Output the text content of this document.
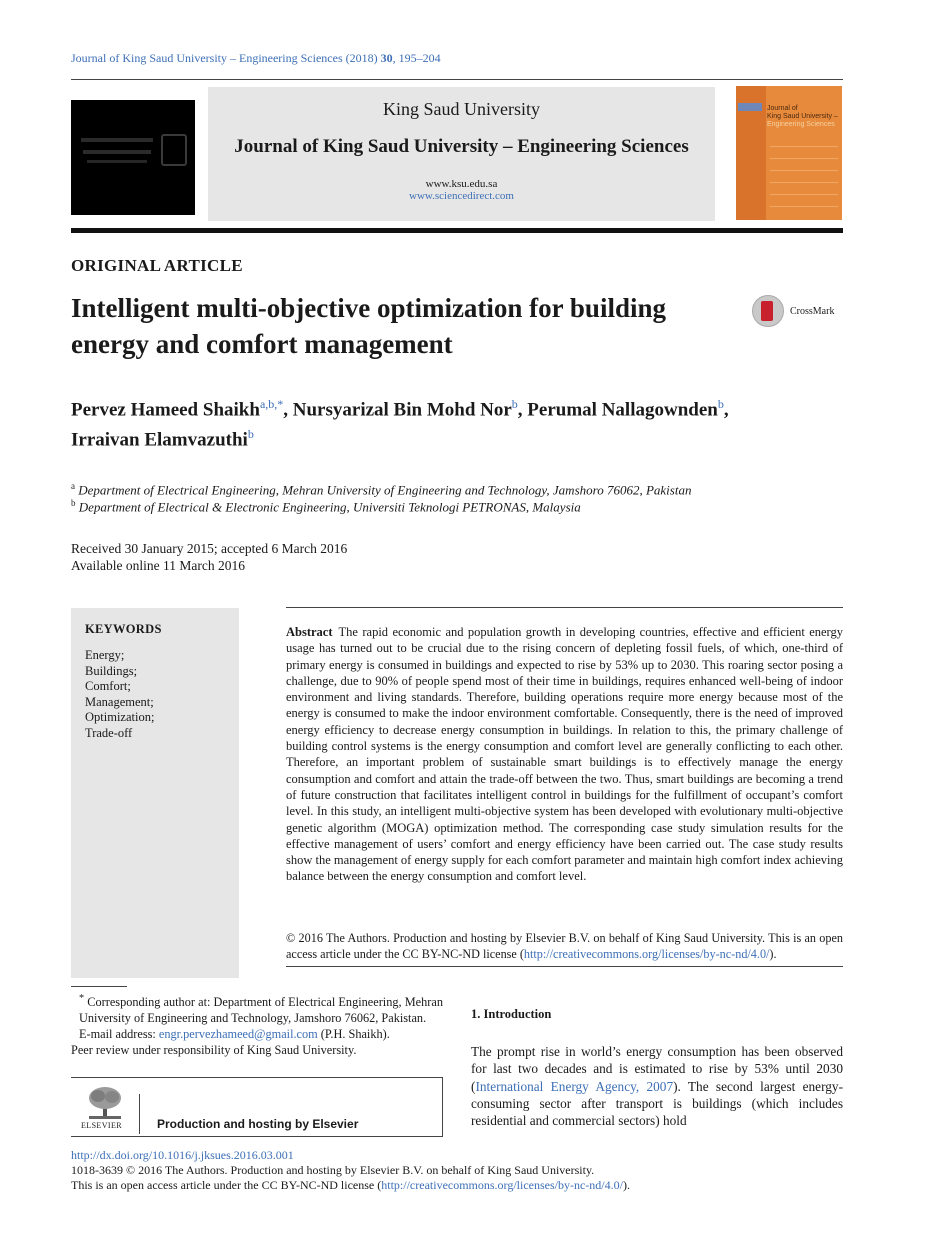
Journal of King Saud University – Engineering Sciences (2018) 30, 195–204
King Saud University
Journal of King Saud University – Engineering Sciences
www.ksu.edu.sa
www.sciencedirect.com
Journal of
King Saud University –
Engineering Sciences
ORIGINAL ARTICLE
Intelligent multi-objective optimization for building energy and comfort management
CrossMark
Pervez Hameed Shaikh$^{a,b,*}$, Nursyarizal Bin Mohd Nor$^b$, Perumal Nallagownden$^b$,
Irraivan Elamvazuthi$^b$
$^a$ Department of Electrical Engineering, Mehran University of Engineering and Technology, Jamshoro 76062, Pakistan
$^b$ Department of Electrical & Electronic Engineering, Universiti Teknologi PETRONAS, Malaysia
Received 30 January 2015; accepted 6 March 2016
Available online 11 March 2016
KEYWORDS
Energy;
Buildings;
Comfort;
Management;
Optimization;
Trade-off
Abstract The rapid economic and population growth in developing countries, effective and efficient energy usage has turned out to be crucial due to the rising concern of depleting fossil fuels, of which, one-third of primary energy is consumed in buildings and expected to rise by 53% up to 2030. This roaring sector posing a challenge, due to 90% of people spend most of their time in buildings, requires enhanced well-being of indoor environment and living standards. Therefore, building operations require more energy because most of the energy is consumed to make the indoor environment comfortable. Consequently, there is the need of improved energy efficiency to decrease energy consumption in buildings. In relation to this, the primary challenge of building control systems is the energy consumption and comfort level are generally conflicting to each other. Therefore, an important problem of sustainable smart buildings is to effectively manage the energy consumption and comfort and attain the trade-off between the two. Thus, smart buildings are becoming a trend of future construction that facilitates intelligent control in buildings for the fulfillment of occupant’s comfort level. In this study, an intelligent multi-objective system has been developed with evolutionary multi-objective genetic algorithm (MOGA) optimization method. The corresponding case study simulation results for the effective management of users’ comfort and energy efficiency have been carried out. The case study results show the management of energy supply for each comfort parameter and maintain high comfort index achieving balance between the energy consumption and comfort level.
© 2016 The Authors. Production and hosting by Elsevier B.V. on behalf of King Saud University. This is an open access article under the CC BY-NC-ND license (http://creativecommons.org/licenses/by-nc-nd/4.0/).
* Corresponding author at: Department of Electrical Engineering, Mehran University of Engineering and Technology, Jamshoro 76062, Pakistan.
E-mail address: engr.pervezhameed@gmail.com (P.H. Shaikh).
Peer review under responsibility of King Saud University.
ELSEVIER	Production and hosting by Elsevier
1. Introduction
The prompt rise in world’s energy consumption has been observed for last two decades and is estimated to rise by 53% until 2030 (International Energy Agency, 2007). The second largest energy-consuming sector after transport is buildings (which includes residential and commercial sectors) hold
http://dx.doi.org/10.1016/j.jksues.2016.03.001
1018-3639 © 2016 The Authors. Production and hosting by Elsevier B.V. on behalf of King Saud University.
This is an open access article under the CC BY-NC-ND license (http://creativecommons.org/licenses/by-nc-nd/4.0/).
